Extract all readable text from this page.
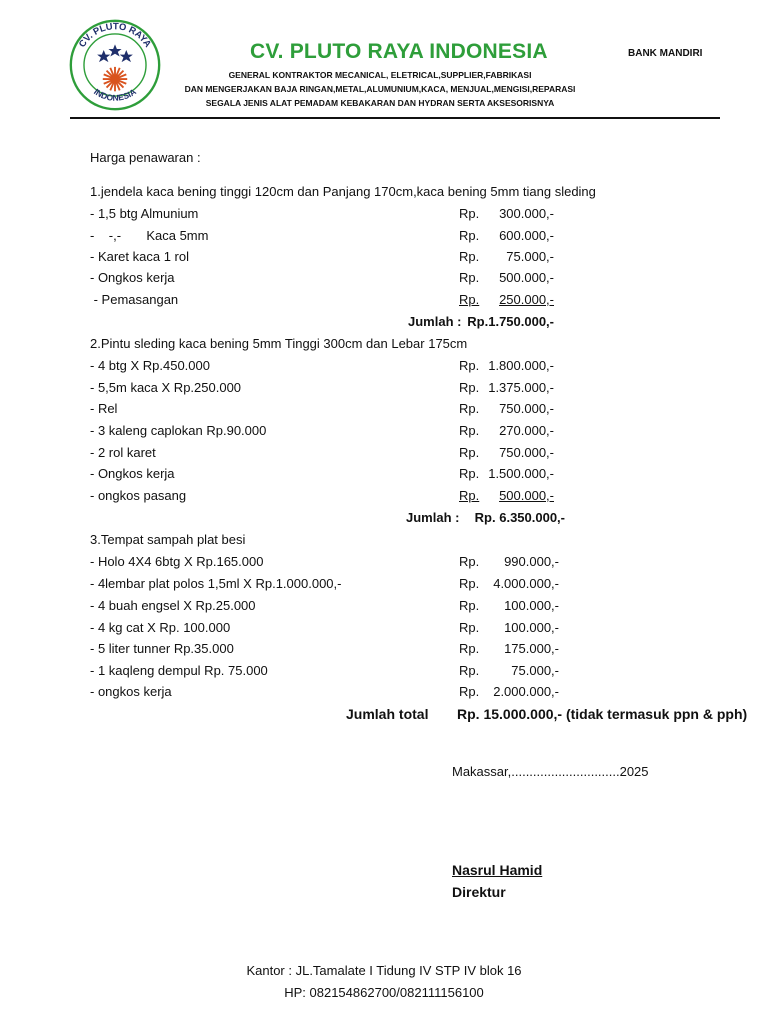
CV. PLUTO RAYA
INDONESIA
CV. PLUTO RAYA INDONESIA	BANK MANDIRI
GENERAL KONTRAKTOR MECANICAL, ELETRICAL,SUPPLIER,FABRIKASI
DAN MENGERJAKAN BAJA RINGAN,METAL,ALUMUNIUM,KACA, MENJUAL,MENGISI,REPARASI
SEGALA JENIS ALAT PEMADAM KEBAKARAN DAN HYDRAN SERTA AKSESORISNYA
Harga penawaran :
1.jendela kaca bening tinggi 120cm dan Panjang 170cm,kaca bening 5mm tiang sleding
- 1,5 btg Almunium	Rp. 300.000,-
-    -,-       Kaca 5mm	Rp. 600.000,-
- Karet kaca 1 rol	Rp. 75.000,-
- Ongkos kerja	Rp. 500.000,-
- Pemasangan	Rp. 250.000,-
Jumlah : Rp.1.750.000,-
2.Pintu sleding kaca bening 5mm Tinggi 300cm dan Lebar 175cm
- 4 btg X Rp.450.000	Rp. 1.800.000,-
- 5,5m kaca X Rp.250.000	Rp. 1.375.000,-
- Rel	Rp. 750.000,-
- 3 kaleng caplokan Rp.90.000	Rp. 270.000,-
- 2 rol karet	Rp. 750.000,-
- Ongkos kerja	Rp. 1.500.000,-
- ongkos pasang	Rp. 500.000,-
Jumlah : Rp. 6.350.000,-
3.Tempat sampah plat besi
- Holo 4X4 6btg X Rp.165.000	Rp. 990.000,-
- 4lembar plat polos 1,5ml X Rp.1.000.000,-	Rp. 4.000.000,-
- 4 buah engsel X Rp.25.000	Rp. 100.000,-
- 4 kg cat X Rp. 100.000	Rp. 100.000,-
- 5 liter tunner Rp.35.000	Rp. 175.000,-
- 1 kaqleng dempul Rp. 75.000	Rp. 75.000,-
- ongkos kerja	Rp. 2.000.000,-
Jumlah total Rp. 15.000.000,- (tidak termasuk ppn & pph)
Makassar,..............................2025
Nasrul Hamid
Direktur
Kantor : JL.Tamalate I Tidung IV STP IV blok 16
HP: 082154862700/082111156100
